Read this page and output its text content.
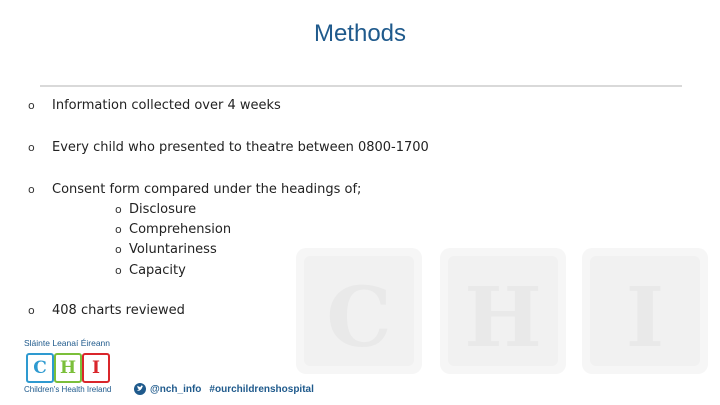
Methods
C H	I
o Information collected over 4 weeks
o Every child who presented to theatre between 0800-1700
o Consent form compared under the headings of;
o Disclosure
o Comprehension
o Voluntariness
o Capacity
o 408 charts reviewed
Sláinte Leanaí Éireann
C H I
Children's Health Ireland	@nch_info #ourchildrenshospital
